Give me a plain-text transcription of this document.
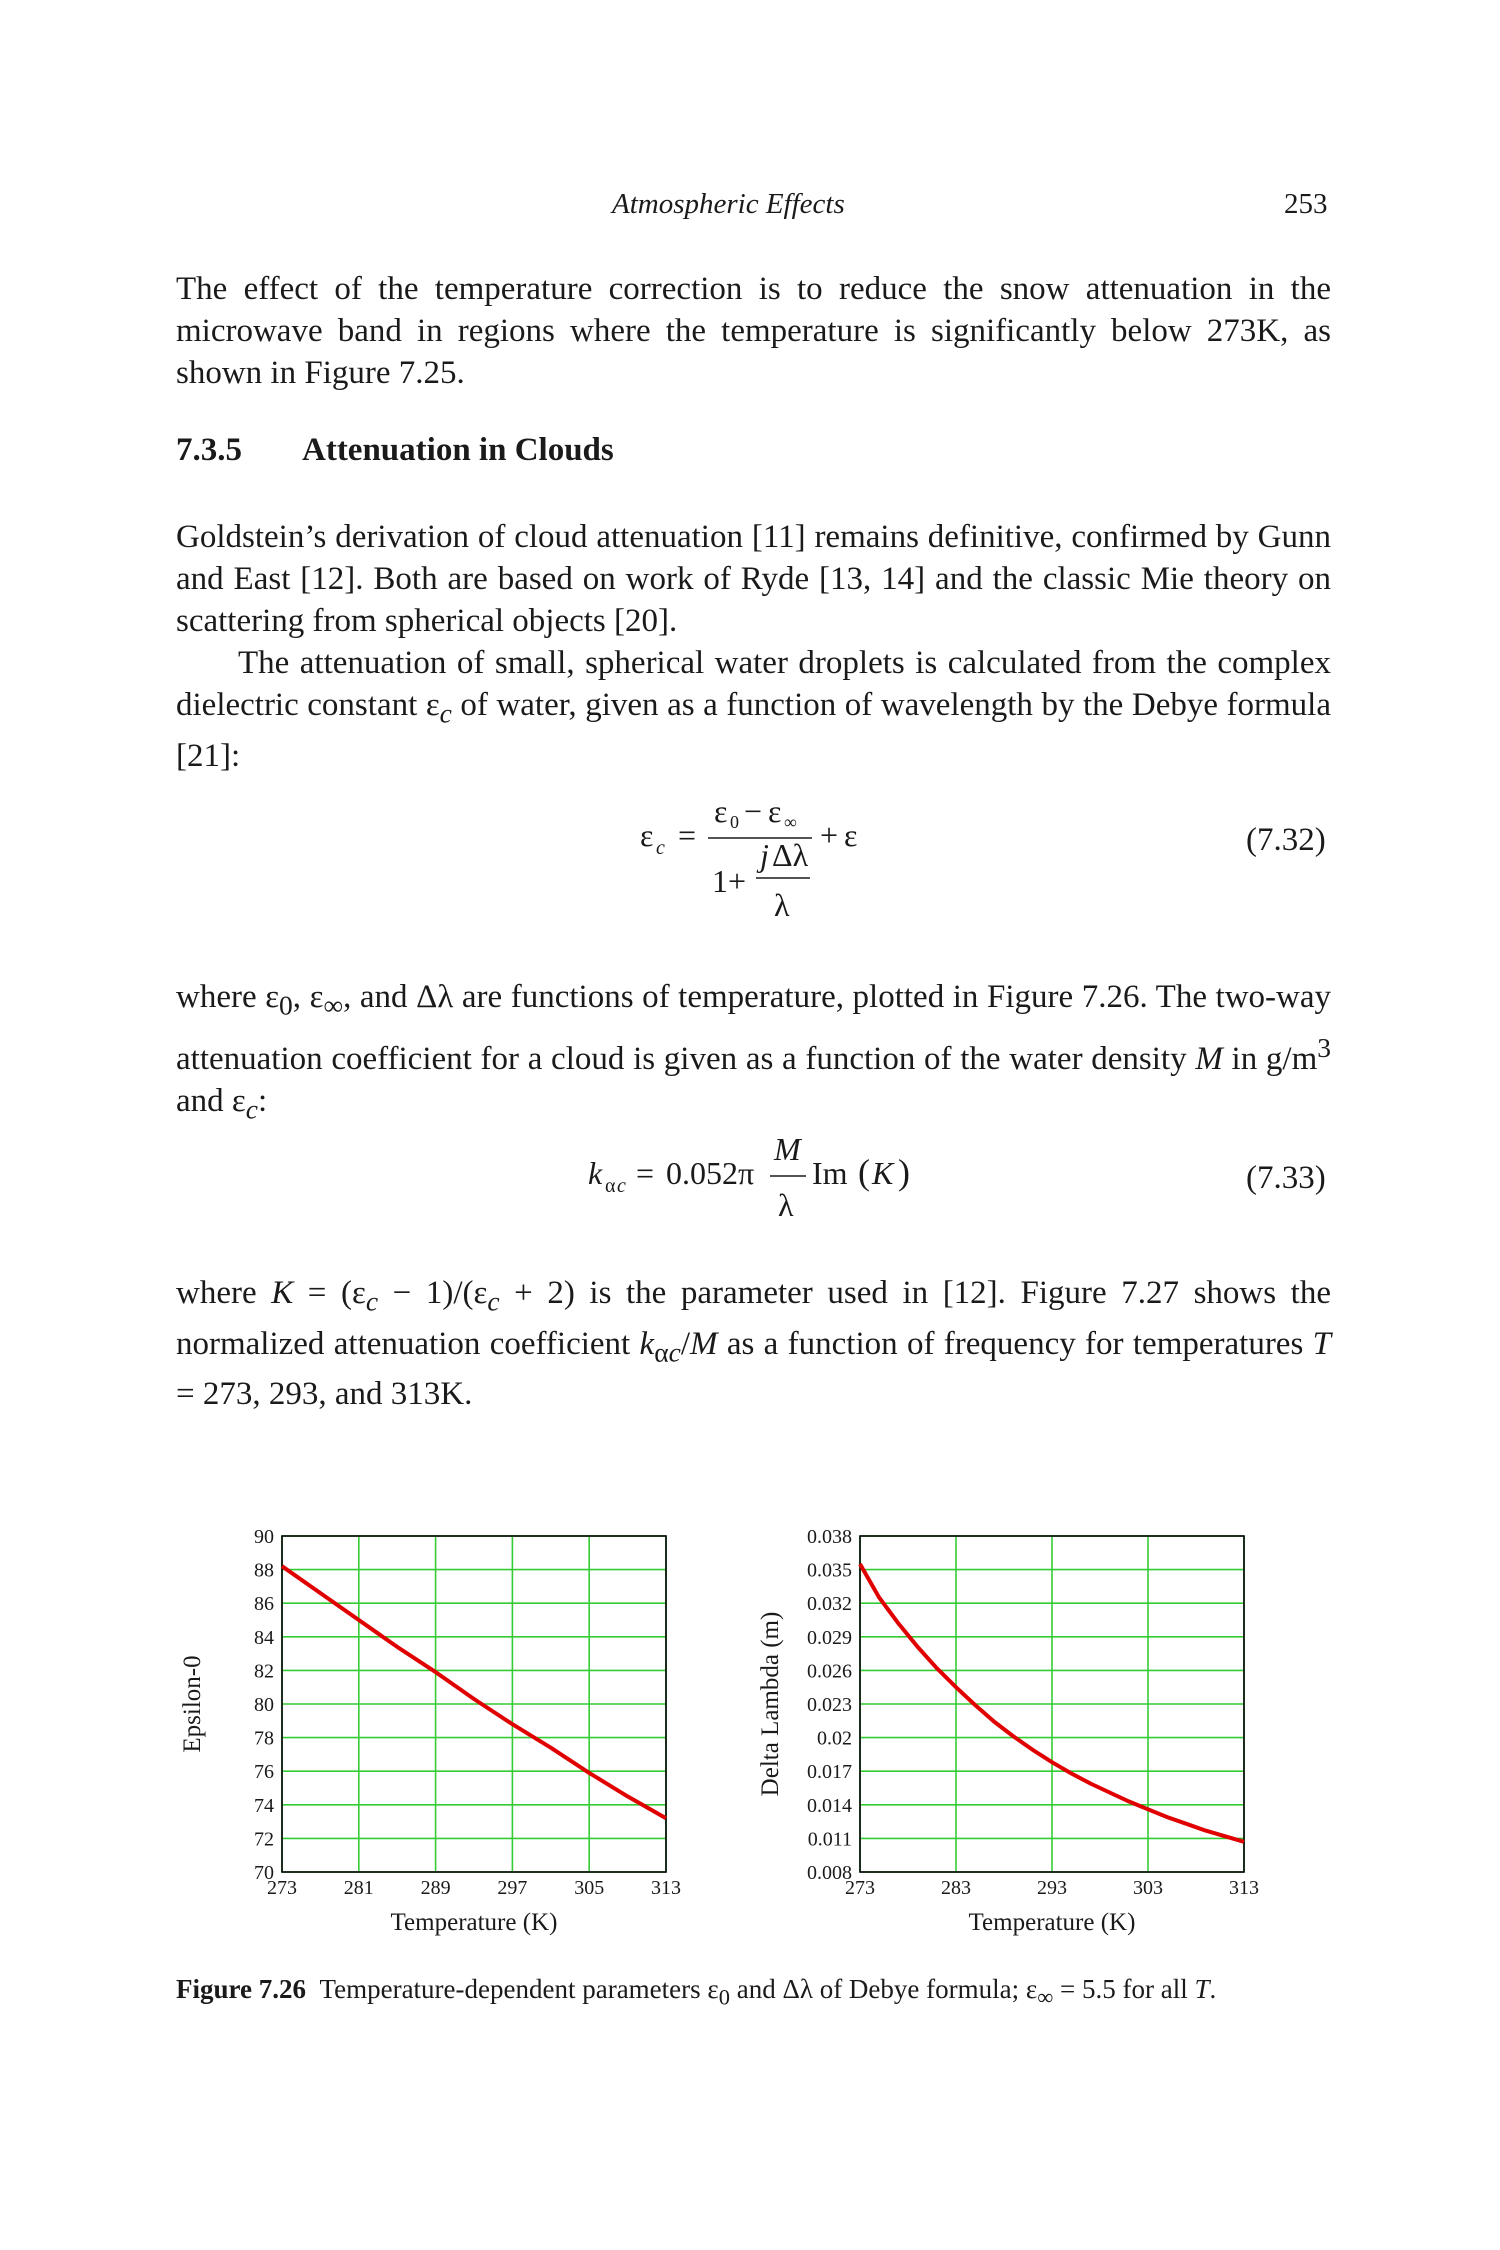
Atmospheric Effects	253

The effect of the temperature correction is to reduce the snow attenuation in the microwave band in regions where the temperature is significantly below 273K, as shown in Figure 7.25.

7.3.5 Attenuation in Clouds

Goldstein’s derivation of cloud attenuation [11] remains definitive, confirmed by Gunn and East [12]. Both are based on work of Ryde [13, 14] and the classic Mie theory on scattering from spherical objects [20].

The attenuation of small, spherical water droplets is calculated from the complex dielectric constant $\varepsilon_c$ of water, given as a function of wavelength by the Debye formula [21]:

ε c =
ε 0 − ε ∞ + ε
1 +
j Δλ
λ
(7.32)

where $\varepsilon_0$, $\varepsilon_\infty$, and Δλ are functions of temperature, plotted in Figure 7.26. The two-way attenuation coefficient for a cloud is given as a function of the water density M in $g/m^3$ and $\varepsilon_c$:

k α c = 0.052π
M
λ
Im ( K )	(7.33)

where $K = (\varepsilon_c - 1)/(\varepsilon_c + 2)$ is the parameter used in [12]. Figure 7.27 shows the normalized attenuation coefficient $k_{\alpha c}/M$ as a function of frequency for temperatures T = 273, 293, and 313K.

70
72
74
76
78
80
82
84
86
88
90
273 281 289 297 305 313
Temperature (K)
Epsilon-0
0.008
0.011
0.014
0.017
0.02
0.023
0.026
0.029
0.032
0.035
0.038
273	283	293	303	313
Temperature (K)
Delta Lambda (m)
Figure 7.26 Temperature-dependent parameters $\varepsilon_0$ and Δλ of Debye formula; $\varepsilon_\infty = 5.5$ for all T.
